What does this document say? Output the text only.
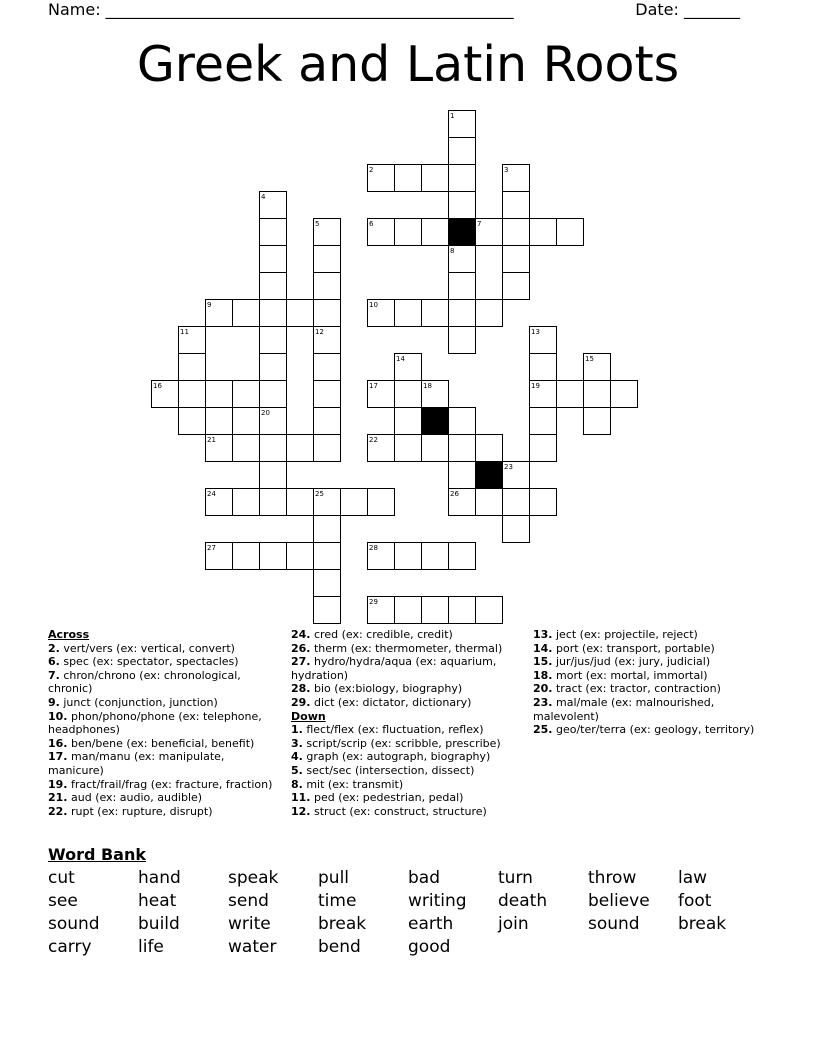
Name: ___________________________________________________	Date: _______
Greek and Latin Roots
1
2	3
4
5	6	7
8
9	10
11	12	13
14	15
16	17	18	19
20
21	22
23
24	25	26
27	28
29
Across
2. vert/vers (ex: vertical, convert)
6. spec (ex: spectator, spectacles)
7. chron/chrono (ex: chronological, chronic)
9. junct (conjunction, junction)
10. phon/phono/phone (ex: telephone, headphones)
16. ben/bene (ex: beneficial, benefit)
17. man/manu (ex: manipulate, manicure)
19. fract/frail/frag (ex: fracture, fraction)
21. aud (ex: audio, audible)
22. rupt (ex: rupture, disrupt)
24. cred (ex: credible, credit)
26. therm (ex: thermometer, thermal)
27. hydro/hydra/aqua (ex: aquarium, hydration)
28. bio (ex:biology, biography)
29. dict (ex: dictator, dictionary)
Down
1. flect/flex (ex: fluctuation, reflex)
3. script/scrip (ex: scribble, prescribe)
4. graph (ex: autograph, biography)
5. sect/sec (intersection, dissect)
8. mit (ex: transmit)
11. ped (ex: pedestrian, pedal)
12. struct (ex: construct, structure)
13. ject (ex: projectile, reject)
14. port (ex: transport, portable)
15. jur/jus/jud (ex: jury, judicial)
18. mort (ex: mortal, immortal)
20. tract (ex: tractor, contraction)
23. mal/male (ex: malnourished, malevolent)
25. geo/ter/terra (ex: geology, territory)
Word Bank
cut	hand	speak	pull	bad	turn	throw	law
see	heat	send	time	writing	death	believe	foot
sound	build	write	break	earth	join	sound	break
carry	life	water	bend	good
